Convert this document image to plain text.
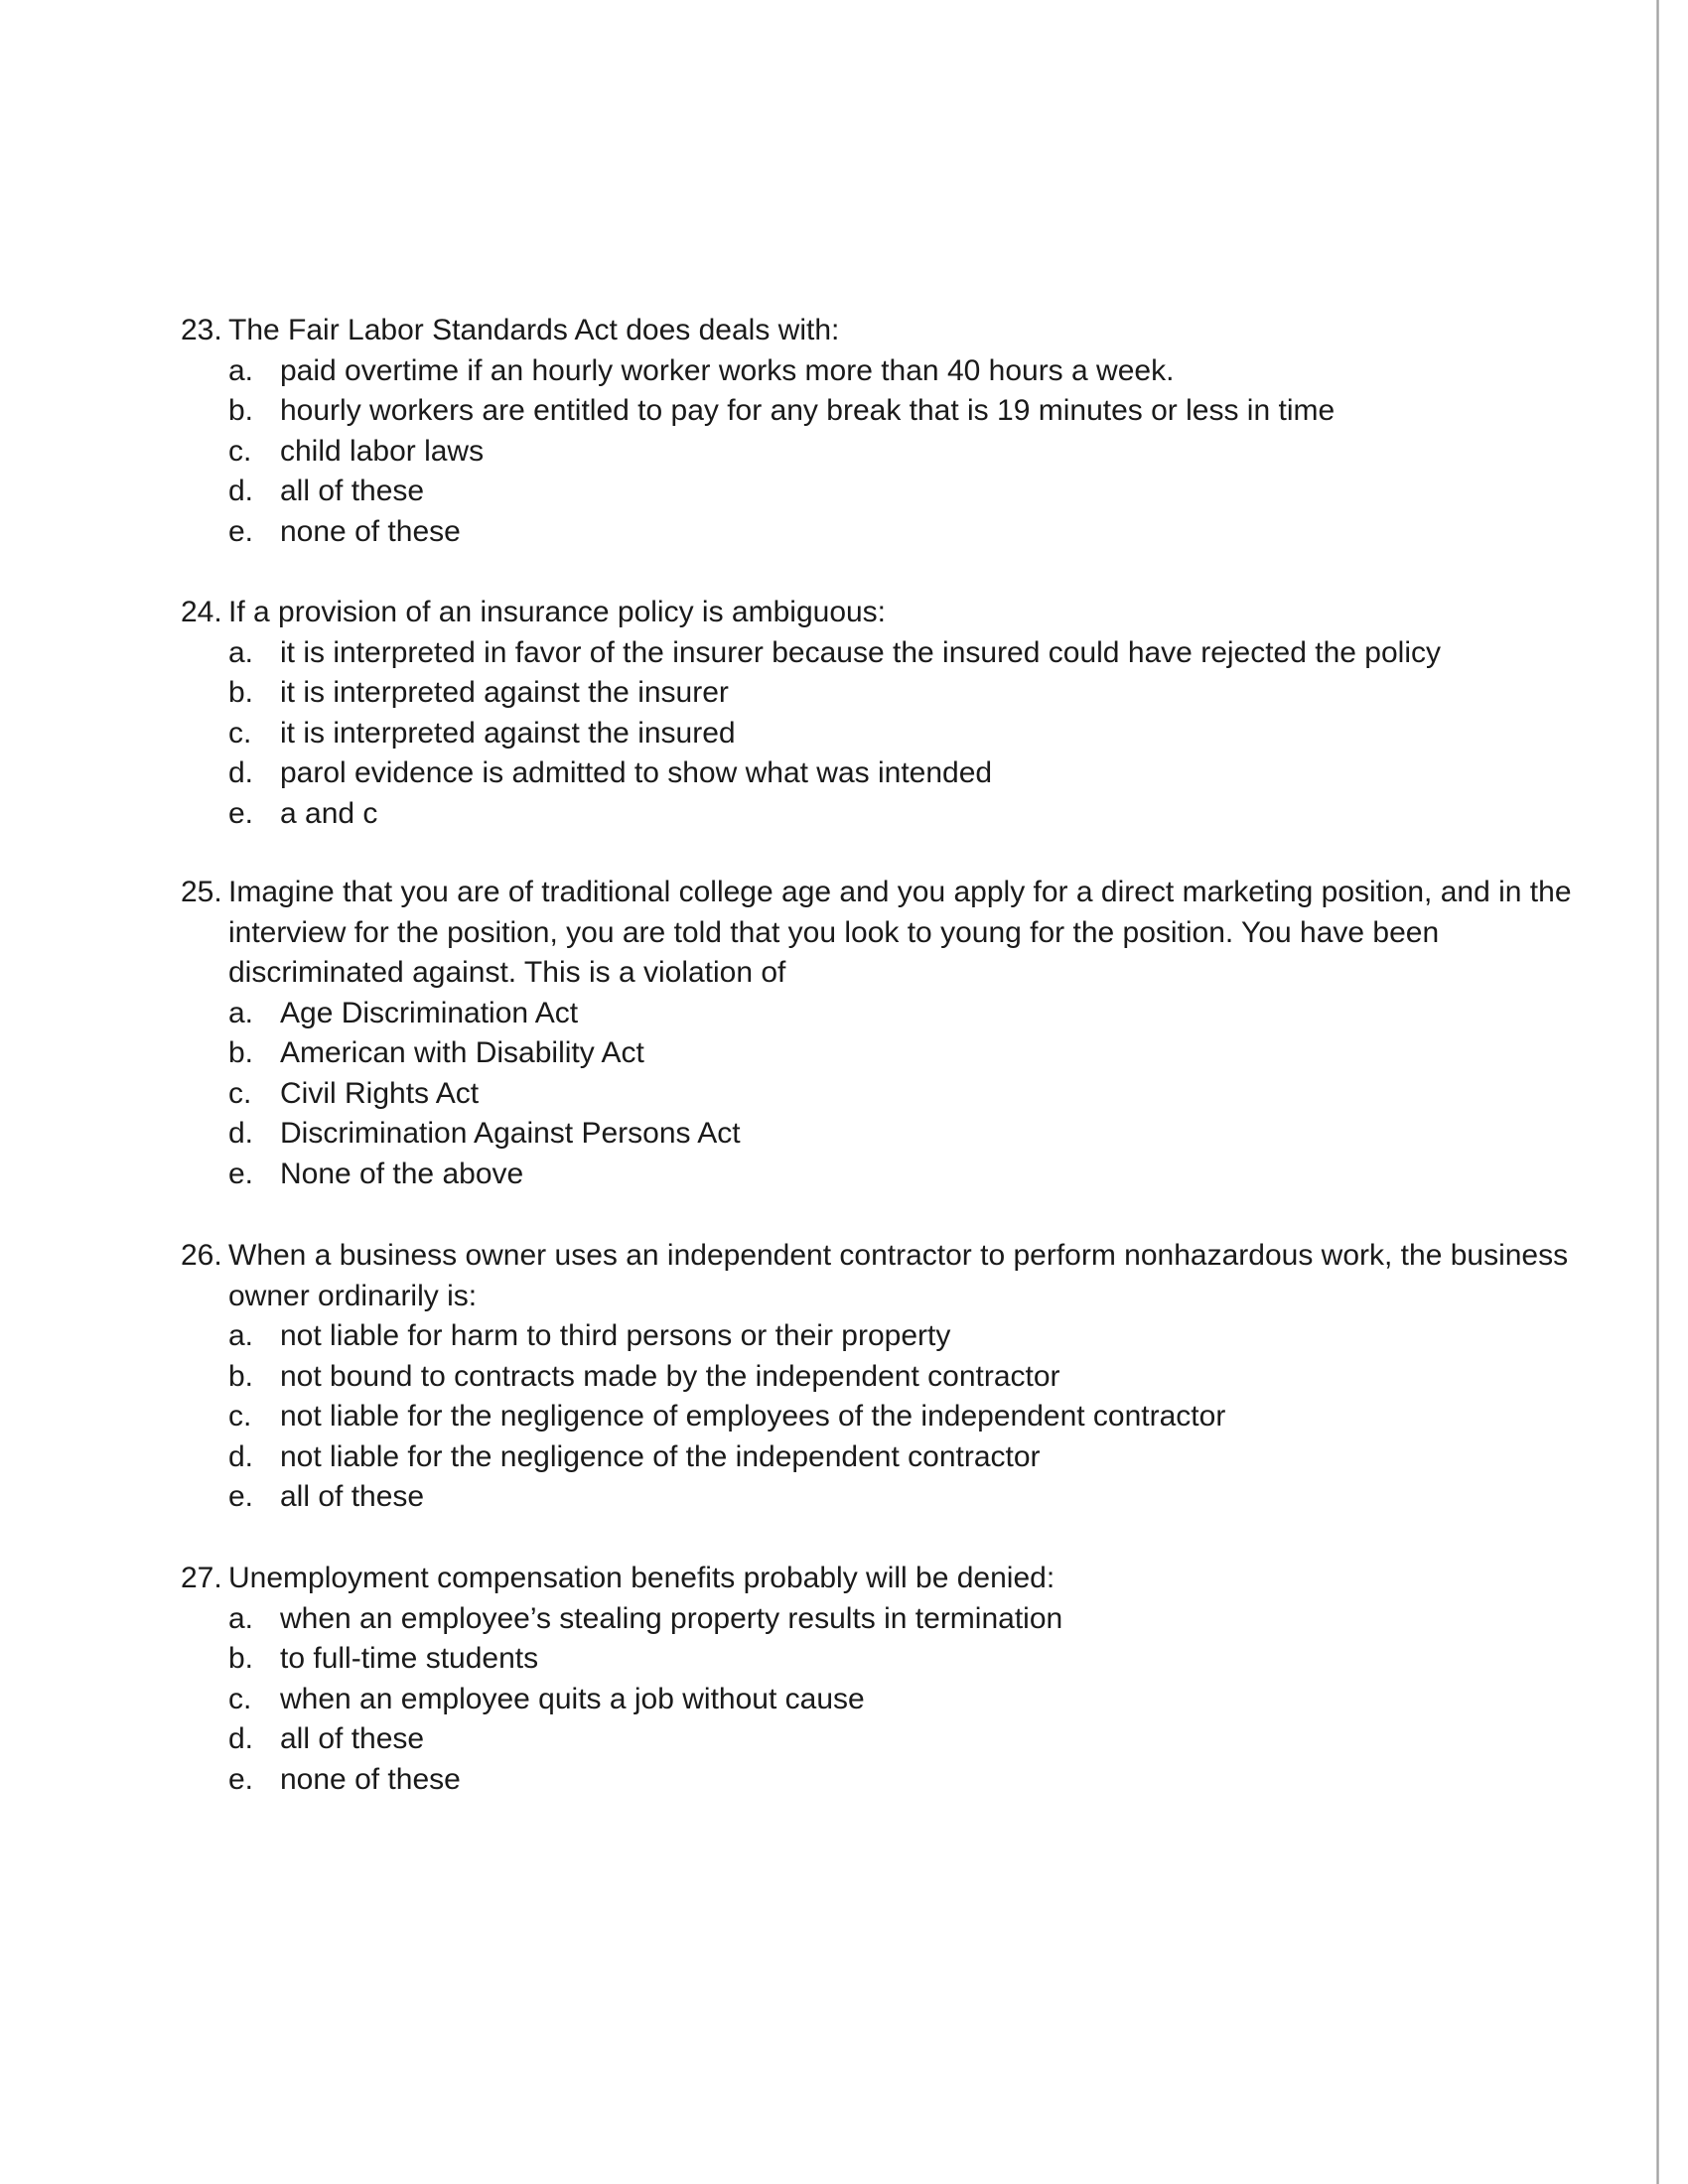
23. The Fair Labor Standards Act does deals with:
a. paid overtime if an hourly worker works more than 40 hours a week.
b. hourly workers are entitled to pay for any break that is 19 minutes or less in time
c. child labor laws
d. all of these
e. none of these
24. If a provision of an insurance policy is ambiguous:
a. it is interpreted in favor of the insurer because the insured could have rejected the policy
b. it is interpreted against the insurer
c. it is interpreted against the insured
d. parol evidence is admitted to show what was intended
e. a and c
25. Imagine that you are of traditional college age and you apply for a direct marketing position, and in the interview for the position, you are told that you look to young for the position. You have been discriminated against. This is a violation of
a. Age Discrimination Act
b. American with Disability Act
c. Civil Rights Act
d. Discrimination Against Persons Act
e. None of the above
26. When a business owner uses an independent contractor to perform nonhazardous work, the business owner ordinarily is:
a. not liable for harm to third persons or their property
b. not bound to contracts made by the independent contractor
c. not liable for the negligence of employees of the independent contractor
d. not liable for the negligence of the independent contractor
e. all of these
27. Unemployment compensation benefits probably will be denied:
a. when an employee’s stealing property results in termination
b. to full-time students
c. when an employee quits a job without cause
d. all of these
e. none of these
